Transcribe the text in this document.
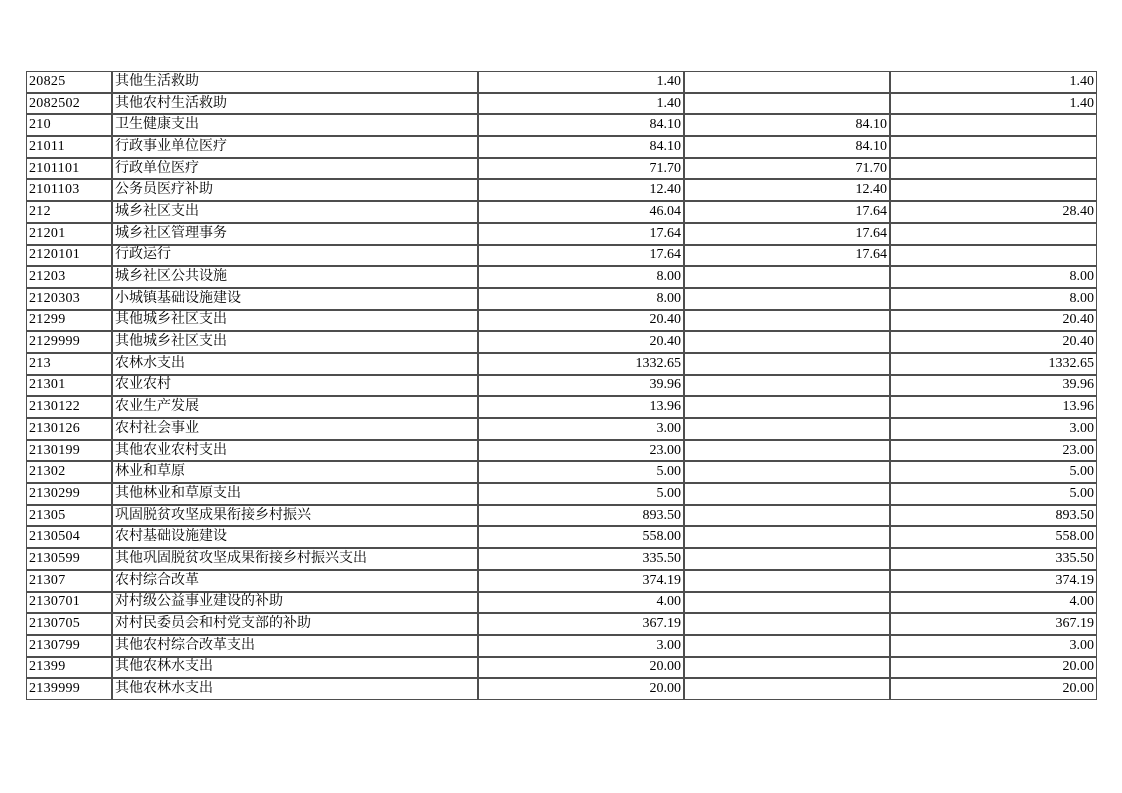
20825	其他生活救助	1.40		1.40
2082502	其他农村生活救助	1.40		1.40
210	卫生健康支出	84.10	84.10	
21011	行政事业单位医疗	84.10	84.10	
2101101	行政单位医疗	71.70	71.70	
2101103	公务员医疗补助	12.40	12.40	
212	城乡社区支出	46.04	17.64	28.40
21201	城乡社区管理事务	17.64	17.64	
2120101	行政运行	17.64	17.64	
21203	城乡社区公共设施	8.00		8.00
2120303	小城镇基础设施建设	8.00		8.00
21299	其他城乡社区支出	20.40		20.40
2129999	其他城乡社区支出	20.40		20.40
213	农林水支出	1332.65		1332.65
21301	农业农村	39.96		39.96
2130122	农业生产发展	13.96		13.96
2130126	农村社会事业	3.00		3.00
2130199	其他农业农村支出	23.00		23.00
21302	林业和草原	5.00		5.00
2130299	其他林业和草原支出	5.00		5.00
21305	巩固脱贫攻坚成果衔接乡村振兴	893.50		893.50
2130504	农村基础设施建设	558.00		558.00
2130599	其他巩固脱贫攻坚成果衔接乡村振兴支出	335.50		335.50
21307	农村综合改革	374.19		374.19
2130701	对村级公益事业建设的补助	4.00		4.00
2130705	对村民委员会和村党支部的补助	367.19		367.19
2130799	其他农村综合改革支出	3.00		3.00
21399	其他农林水支出	20.00		20.00
2139999	其他农林水支出	20.00		20.00
